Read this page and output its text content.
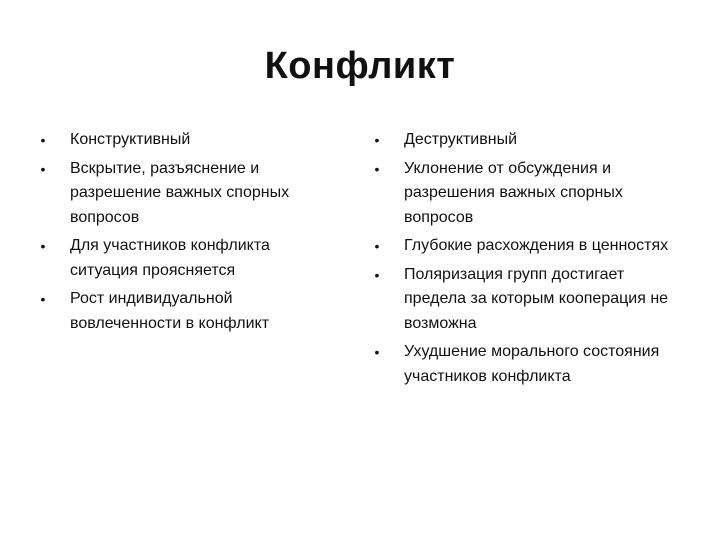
Конфликт
• Конструктивный
• Вскрытие, разъяснение и разрешение важных спорных вопросов
• Для участников конфликта ситуация проясняется
• Рост индивидуальной вовлеченности в конфликт
• Деструктивный
• Уклонение от обсуждения и разрешения важных спорных вопросов
• Глубокие расхождения в ценностях
• Поляризация групп достигает предела за которым кооперация не возможна
• Ухудшение морального состояния участников конфликта
